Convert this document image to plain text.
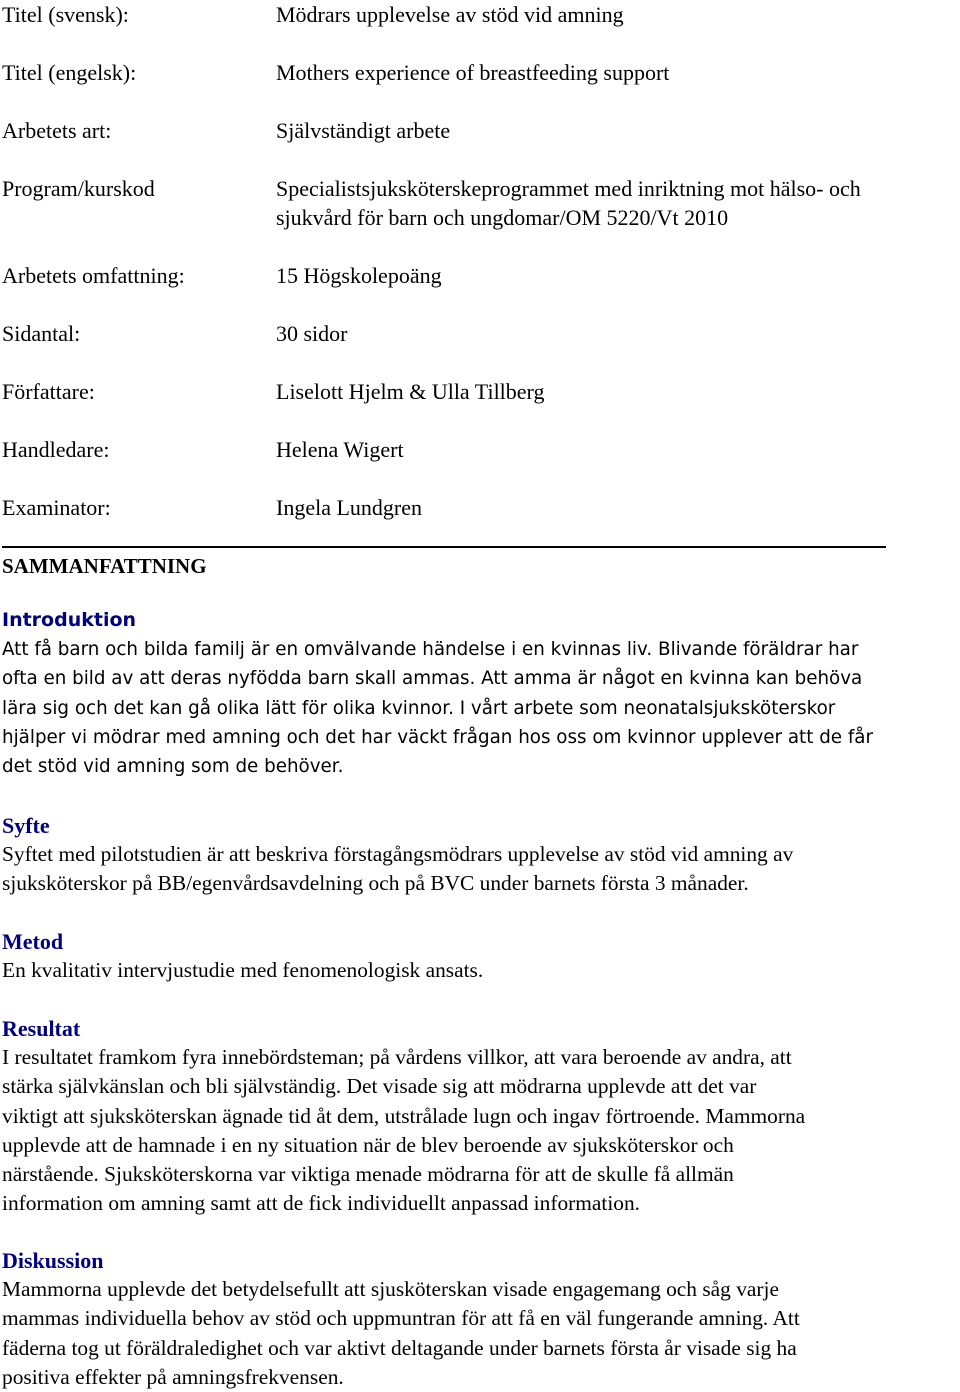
Titel (svensk):	Mödrars upplevelse av stöd vid amning
Titel (engelsk):	Mothers experience of breastfeeding support
Arbetets art:	Självständigt arbete
Program/kurskod	Specialistsjuksköterskeprogrammet med inriktning mot hälso- och
sjukvård för barn och ungdomar/OM 5220/Vt 2010
Arbetets omfattning:	15 Högskolepoäng
Sidantal:	30 sidor
Författare:	Liselott Hjelm & Ulla Tillberg
Handledare:	Helena Wigert
Examinator:	Ingela Lundgren
SAMMANFATTNING
Introduktion

Att få barn och bilda familj är en omvälvande händelse i en kvinnas liv. Blivande föräldrar har
ofta en bild av att deras nyfödda barn skall ammas. Att amma är något en kvinna kan behöva
lära sig och det kan gå olika lätt för olika kvinnor. I vårt arbete som neonatalsjuksköterskor
hjälper vi mödrar med amning och det har väckt frågan hos oss om kvinnor upplever att de får
det stöd vid amning som de behöver.

Syfte

Syftet med pilotstudien är att beskriva förstagångsmödrars upplevelse av stöd vid amning av
sjuksköterskor på BB/egenvårdsavdelning och på BVC under barnets första 3 månader.

Metod

En kvalitativ intervjustudie med fenomenologisk ansats.

Resultat

I resultatet framkom fyra innebördsteman; på vårdens villkor, att vara beroende av andra, att
stärka självkänslan och bli självständig. Det visade sig att mödrarna upplevde att det var
viktigt att sjuksköterskan ägnade tid åt dem, utstrålade lugn och ingav förtroende. Mammorna
upplevde att de hamnade i en ny situation när de blev beroende av sjuksköterskor och
närstående. Sjuksköterskorna var viktiga menade mödrarna för att de skulle få allmän
information om amning samt att de fick individuellt anpassad information.

Diskussion

Mammorna upplevde det betydelsefullt att sjusköterskan visade engagemang och såg varje
mammas individuella behov av stöd och uppmuntran för att få en väl fungerande amning. Att
fäderna tog ut föräldraledighet och var aktivt deltagande under barnets första år visade sig ha
positiva effekter på amningsfrekvensen.
